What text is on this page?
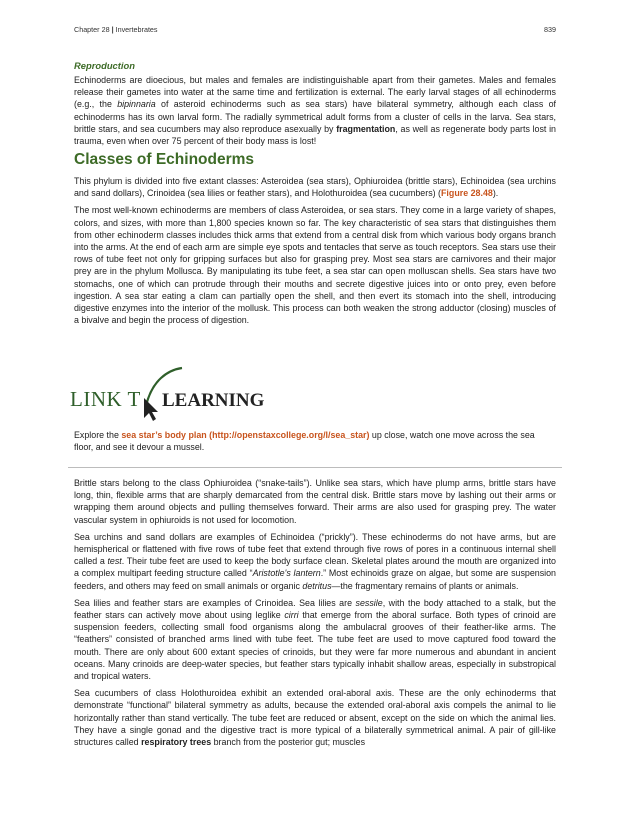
Chapter 28 | Invertebrates	839
Reproduction

Echinoderms are dioecious, but males and females are indistinguishable apart from their gametes. Males and females release their gametes into water at the same time and fertilization is external. The early larval stages of all echinoderms (e.g., the bipinnaria of asteroid echinoderms such as sea stars) have bilateral symmetry, although each class of echinoderms has its own larval form. The radially symmetrical adult forms from a cluster of cells in the larva. Sea stars, brittle stars, and sea cucumbers may also reproduce asexually by fragmentation, as well as regenerate body parts lost in trauma, even when over 75 percent of their body mass is lost!

Classes of Echinoderms

This phylum is divided into five extant classes: Asteroidea (sea stars), Ophiuroidea (brittle stars), Echinoidea (sea urchins and sand dollars), Crinoidea (sea lilies or feather stars), and Holothuroidea (sea cucumbers) (Figure 28.48).

The most well-known echinoderms are members of class Asteroidea, or sea stars. They come in a large variety of shapes, colors, and sizes, with more than 1,800 species known so far. The key characteristic of sea stars that distinguishes them from other echinoderm classes includes thick arms that extend from a central disk from which various body organs branch into the arms. At the end of each arm are simple eye spots and tentacles that serve as touch receptors. Sea stars use their rows of tube feet not only for gripping surfaces but also for grasping prey. Most sea stars are carnivores and their major prey are in the phylum Mollusca. By manipulating its tube feet, a sea star can open molluscan shells. Sea stars have two stomachs, one of which can protrude through their mouths and secrete digestive juices into or onto prey, even before ingestion. A sea star eating a clam can partially open the shell, and then evert its stomach into the shell, introducing digestive enzymes into the interior of the mollusk. This process can both weaken the strong adductor (closing) muscles of a bivalve and begin the process of digestion.

LINK T LEARNING
Explore the sea star’s body plan (http://openstaxcollege.org/l/sea_star) up close, watch one move across the sea floor, and see it devour a mussel.

Brittle stars belong to the class Ophiuroidea (“snake-tails”). Unlike sea stars, which have plump arms, brittle stars have long, thin, flexible arms that are sharply demarcated from the central disk. Brittle stars move by lashing out their arms or wrapping them around objects and pulling themselves forward. Their arms are also used for grasping prey. The water vascular system in ophiuroids is not used for locomotion.

Sea urchins and sand dollars are examples of Echinoidea (“prickly”). These echinoderms do not have arms, but are hemispherical or flattened with five rows of tube feet that extend through five rows of pores in a continuous internal shell called a test. Their tube feet are used to keep the body surface clean. Skeletal plates around the mouth are organized into a complex multipart feeding structure called “Aristotle's lantern.” Most echinoids graze on algae, but some are suspension feeders, and others may feed on small animals or organic detritus—the fragmentary remains of plants or animals.

Sea lilies and feather stars are examples of Crinoidea. Sea lilies are sessile, with the body attached to a stalk, but the feather stars can actively move about using leglike cirri that emerge from the aboral surface. Both types of crinoid are suspension feeders, collecting small food organisms along the ambulacral grooves of their feather-like arms. The “feathers” consisted of branched arms lined with tube feet. The tube feet are used to move captured food toward the mouth. There are only about 600 extant species of crinoids, but they were far more numerous and abundant in ancient oceans. Many crinoids are deep-water species, but feather stars typically inhabit shallow areas, especially in substropical and tropical waters.

Sea cucumbers of class Holothuroidea exhibit an extended oral-aboral axis. These are the only echinoderms that demonstrate “functional” bilateral symmetry as adults, because the extended oral-aboral axis compels the animal to lie horizontally rather than stand vertically. The tube feet are reduced or absent, except on the side on which the animal lies. They have a single gonad and the digestive tract is more typical of a bilaterally symmetrical animal. A pair of gill-like structures called respiratory trees branch from the posterior gut; muscles
